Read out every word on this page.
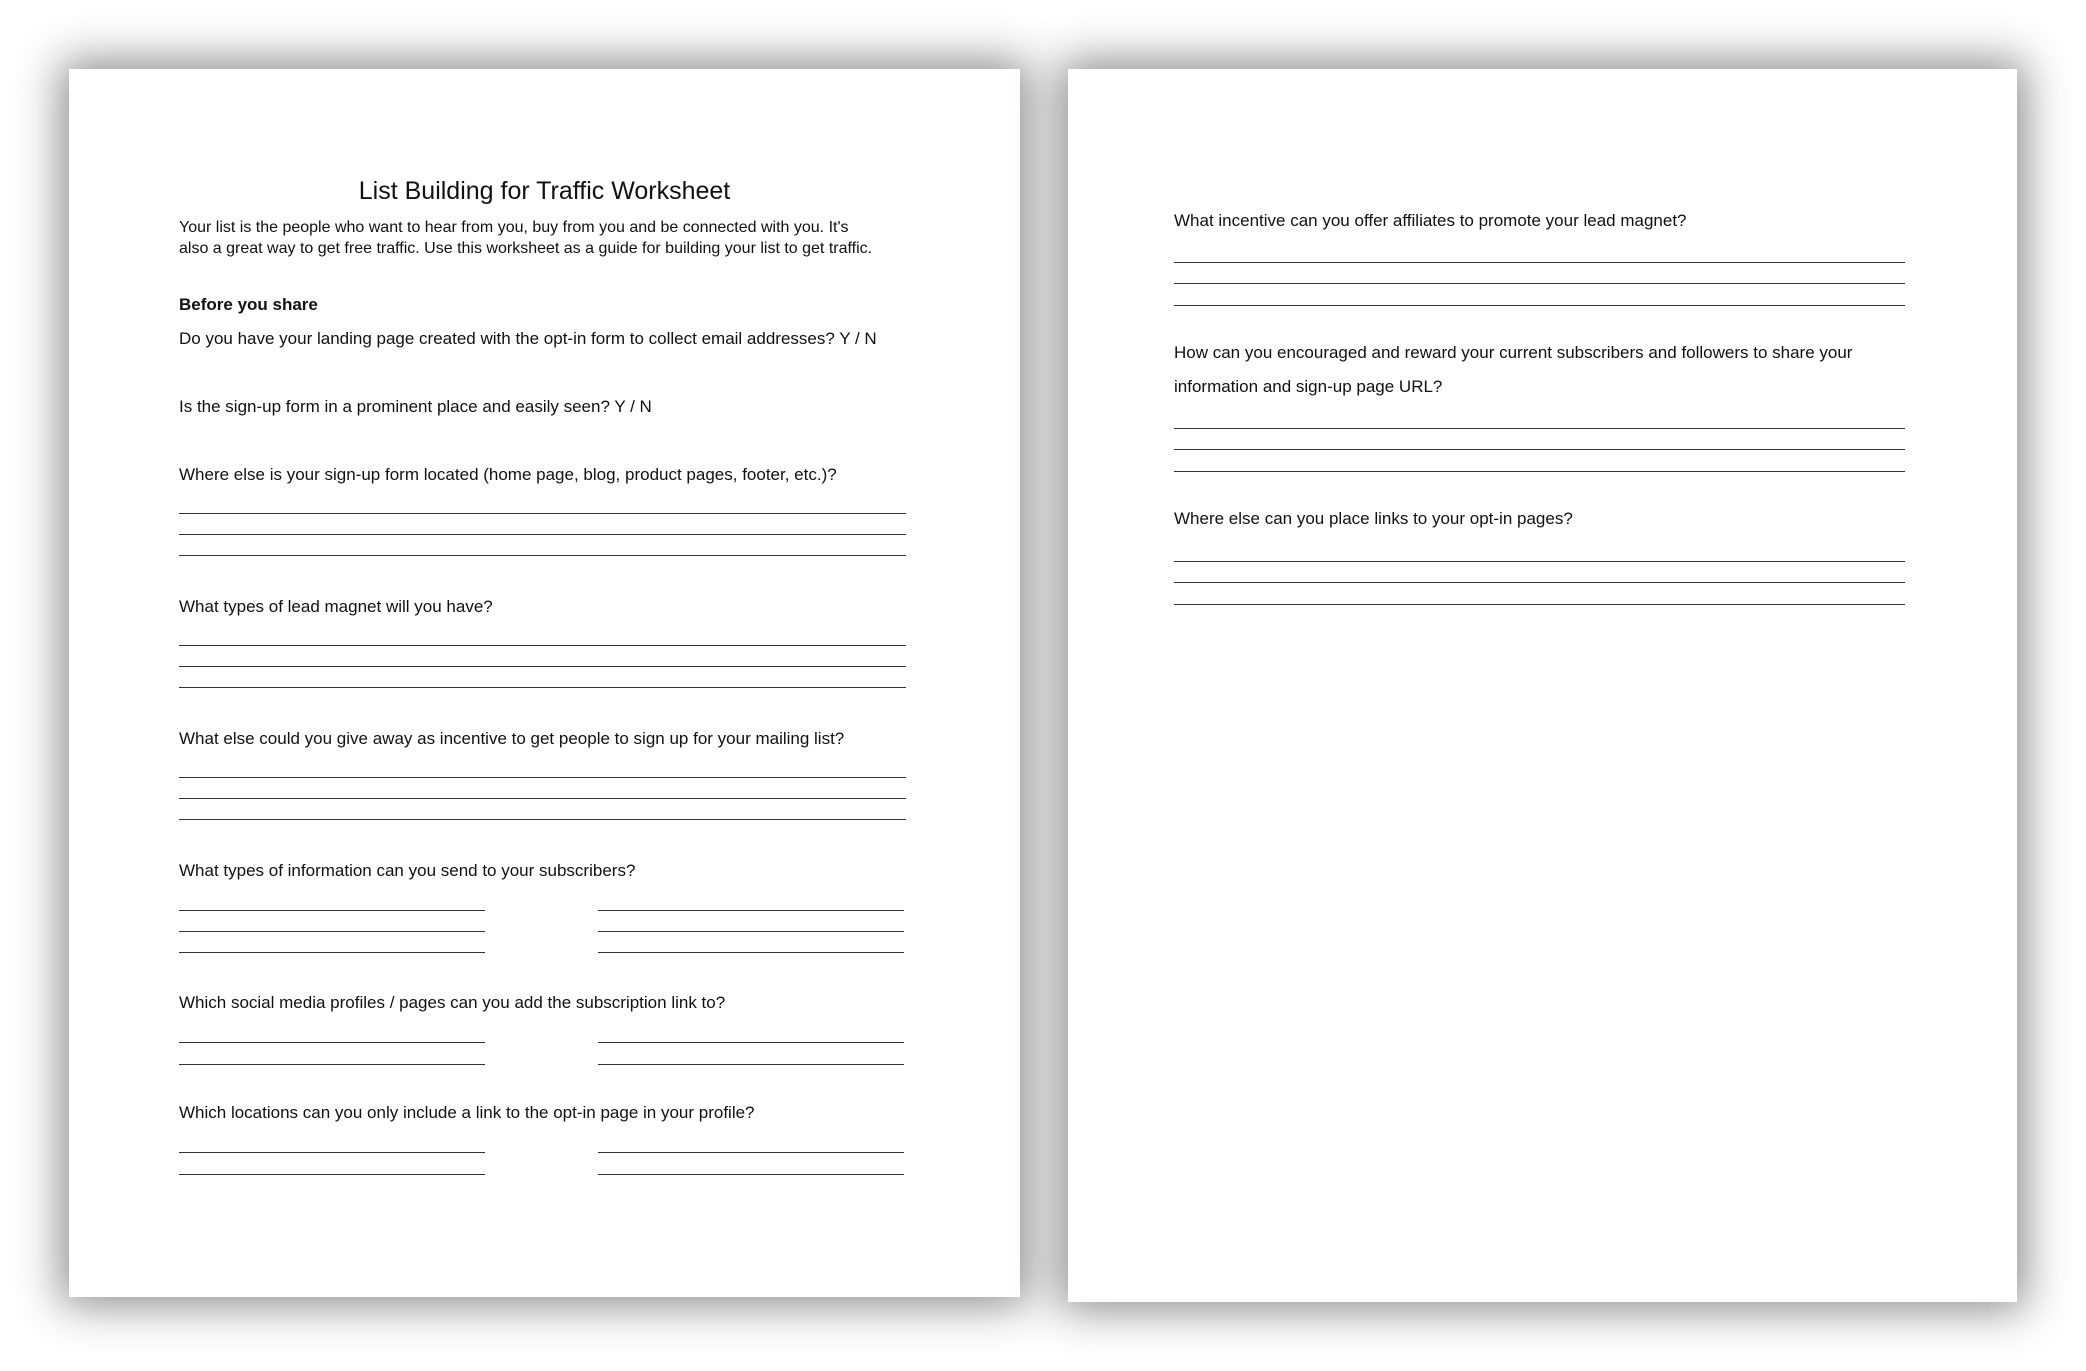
List Building for Traffic Worksheet
Your list is the people who want to hear from you, buy from you and be connected with you. It's also a great way to get free traffic. Use this worksheet as a guide for building your list to get traffic.
Before you share
Do you have your landing page created with the opt-in form to collect email addresses? Y / N
Is the sign-up form in a prominent place and easily seen? Y / N
Where else is your sign-up form located (home page, blog, product pages, footer, etc.)?
What types of lead magnet will you have?
What else could you give away as incentive to get people to sign up for your mailing list?
What types of information can you send to your subscribers?
Which social media profiles / pages can you add the subscription link to?
Which locations can you only include a link to the opt-in page in your profile?
What incentive can you offer affiliates to promote your lead magnet?
How can you encouraged and reward your current subscribers and followers to share your
information and sign-up page URL?
Where else can you place links to your opt-in pages?
